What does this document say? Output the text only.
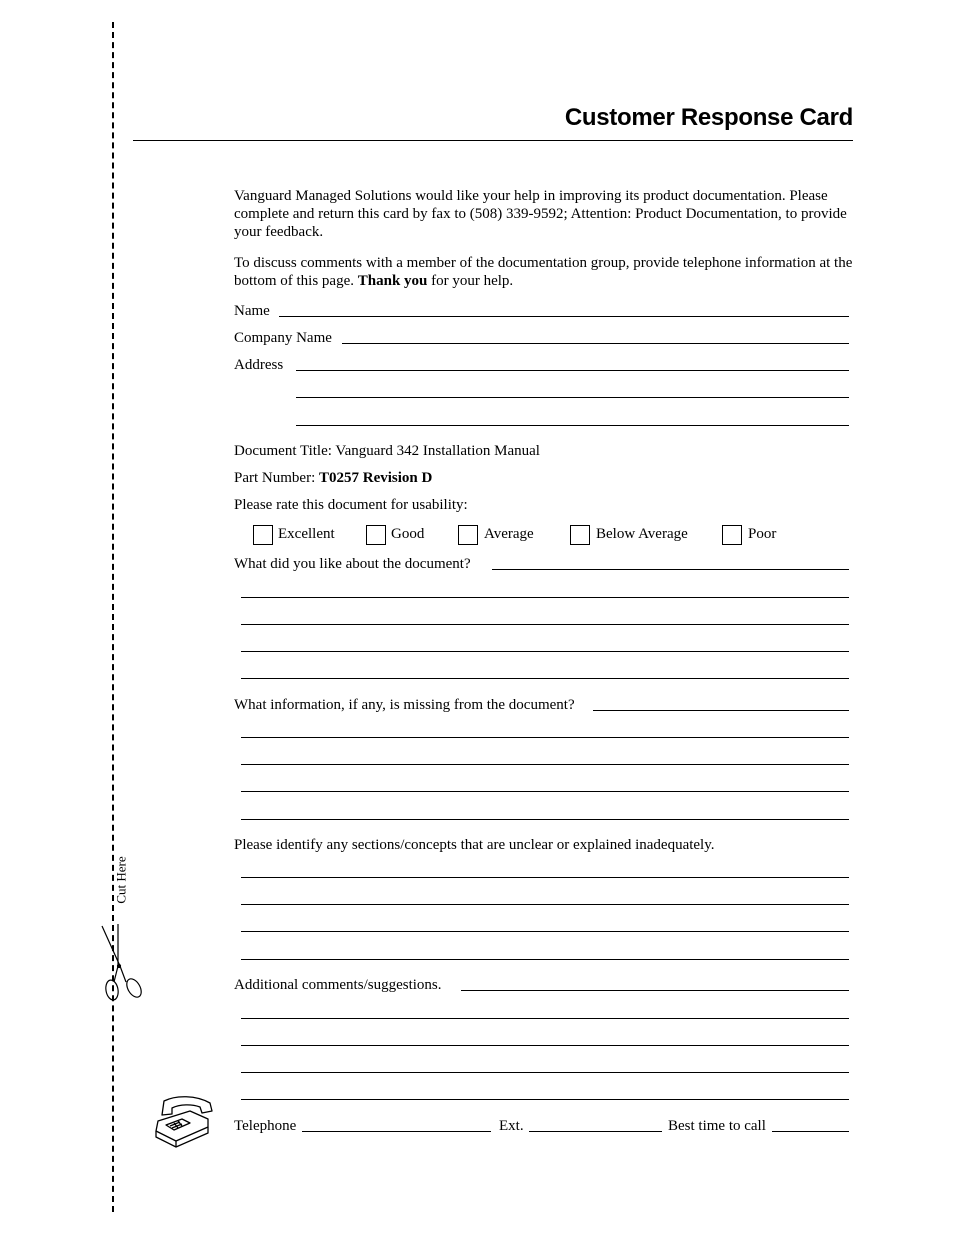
Cut Here
Customer Response Card
Vanguard Managed Solutions would like your help in improving its product documentation. Please
complete and return this card by fax to (508) 339-9592; Attention: Product Documentation, to provide
your feedback.
To discuss comments with a member of the documentation group, provide telephone information at the
bottom of this page. Thank you for your help.
Name
Company Name
Address
Document Title: Vanguard 342 Installation Manual
Part Number: T0257 Revision D
Please rate this document for usability:
Excellent	Good	Average	Below Average	Poor
What did you like about the document?
What information, if any, is missing from the document?
Please identify any sections/concepts that are unclear or explained inadequately.
Additional comments/suggestions.
Telephone	Ext.	Best time to call
